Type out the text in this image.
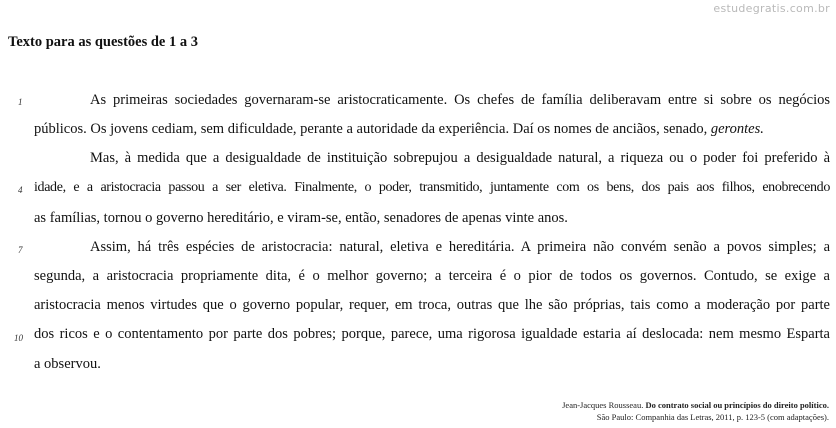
estudegratis.com.br
Texto para as questões de 1 a 3
1
4
7
10
As primeiras sociedades governaram-se aristocraticamente. Os chefes de família deliberavam entre si sobre os negócios
públicos. Os jovens cediam, sem dificuldade, perante a autoridade da experiência. Daí os nomes de anciãos, senado, gerontes.
Mas, à medida que a desigualdade de instituição sobrepujou a desigualdade natural, a riqueza ou o poder foi preferido à
idade, e a aristocracia passou a ser eletiva. Finalmente, o poder, transmitido, juntamente com os bens, dos pais aos filhos, enobrecendo
as famílias, tornou o governo hereditário, e viram-se, então, senadores de apenas vinte anos.
Assim, há três espécies de aristocracia: natural, eletiva e hereditária. A primeira não convém senão a povos simples; a
segunda, a aristocracia propriamente dita, é o melhor governo; a terceira é o pior de todos os governos. Contudo, se exige a
aristocracia menos virtudes que o governo popular, requer, em troca, outras que lhe são próprias, tais como a moderação por parte
dos ricos e o contentamento por parte dos pobres; porque, parece, uma rigorosa igualdade estaria aí deslocada: nem mesmo Esparta
a observou.
Jean-Jacques Rousseau. Do contrato social ou princípios do direito político.
São Paulo: Companhia das Letras, 2011, p. 123-5 (com adaptações).
